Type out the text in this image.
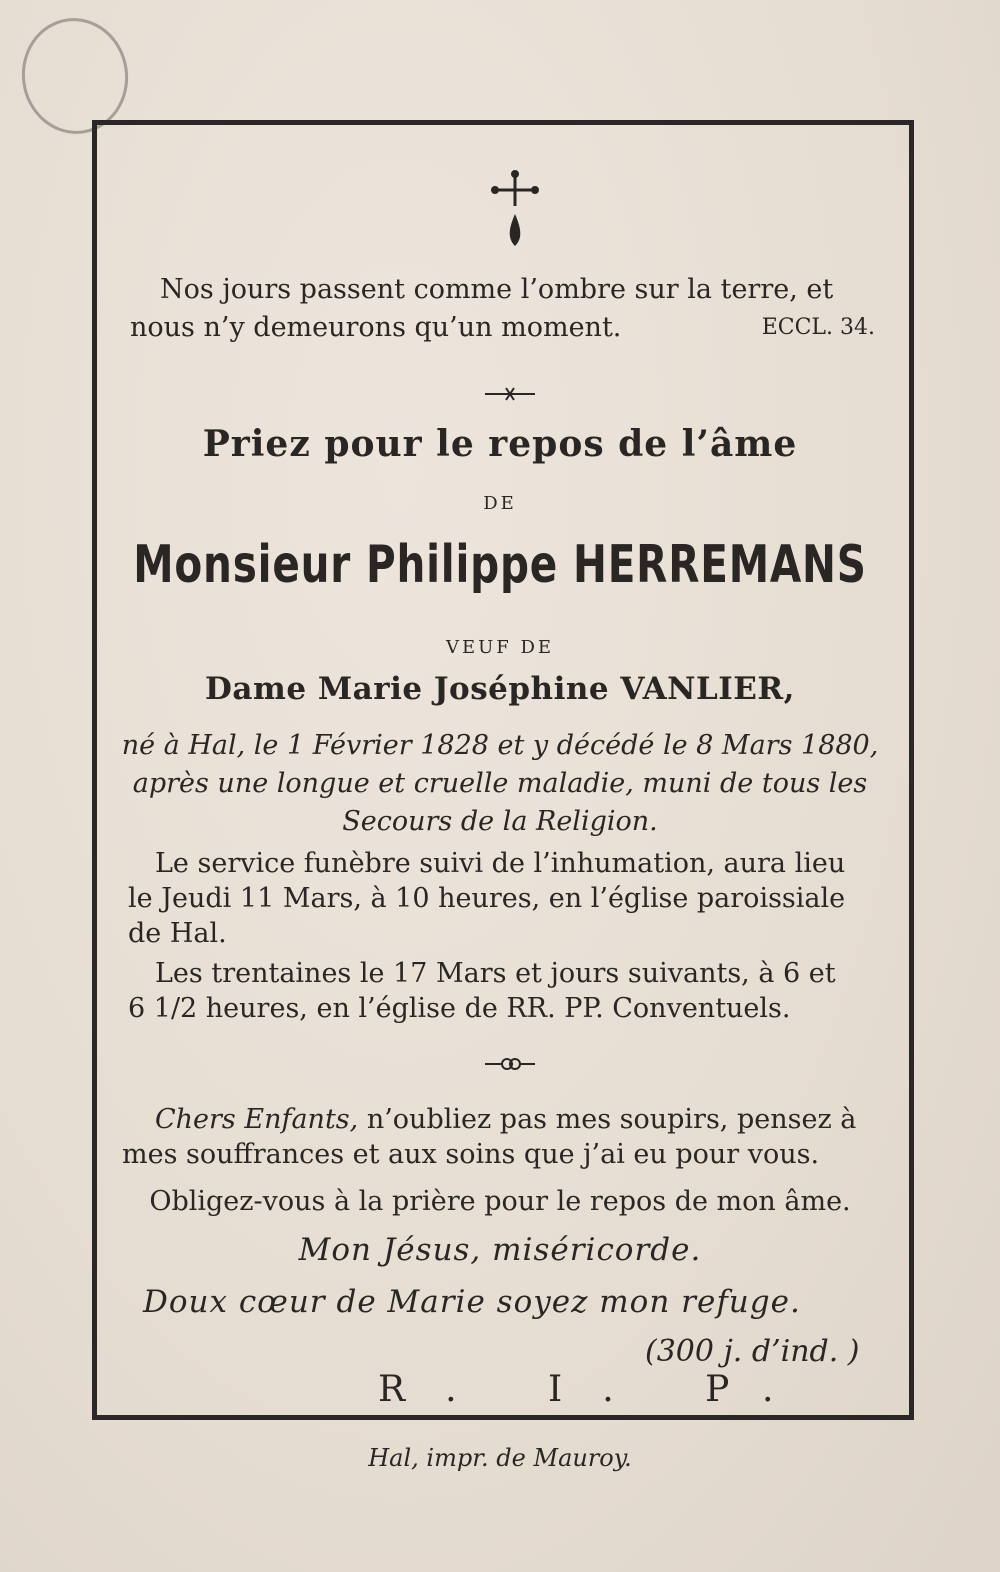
Nos jours passent comme l’ombre sur la terre, et
nous n’y demeurons qu’un moment.	ECCL. 34.
Priez pour le repos de l’âme
DE
Monsieur Philippe HERREMANS
VEUF DE
Dame Marie Joséphine VANLIER,
né à Hal, le 1 Février 1828 et y décédé le 8 Mars 1880,
après une longue et cruelle maladie, muni de tous les
Secours de la Religion.
Le service funèbre suivi de l’inhumation, aura lieu
le Jeudi 11 Mars, à 10 heures, en l’église paroissiale
de Hal.
Les trentaines le 17 Mars et jours suivants, à 6 et
6 1/2 heures, en l’église de RR. PP. Conventuels.
Chers Enfants, n’oubliez pas mes soupirs, pensez à
mes souffrances et aux soins que j’ai eu pour vous.
Obligez-vous à la prière pour le repos de mon âme.
Mon Jésus, miséricorde.
Doux cœur de Marie soyez mon refuge.
(300 j. d’ind. )
R. I. P.
Hal, impr. de Mauroy.
